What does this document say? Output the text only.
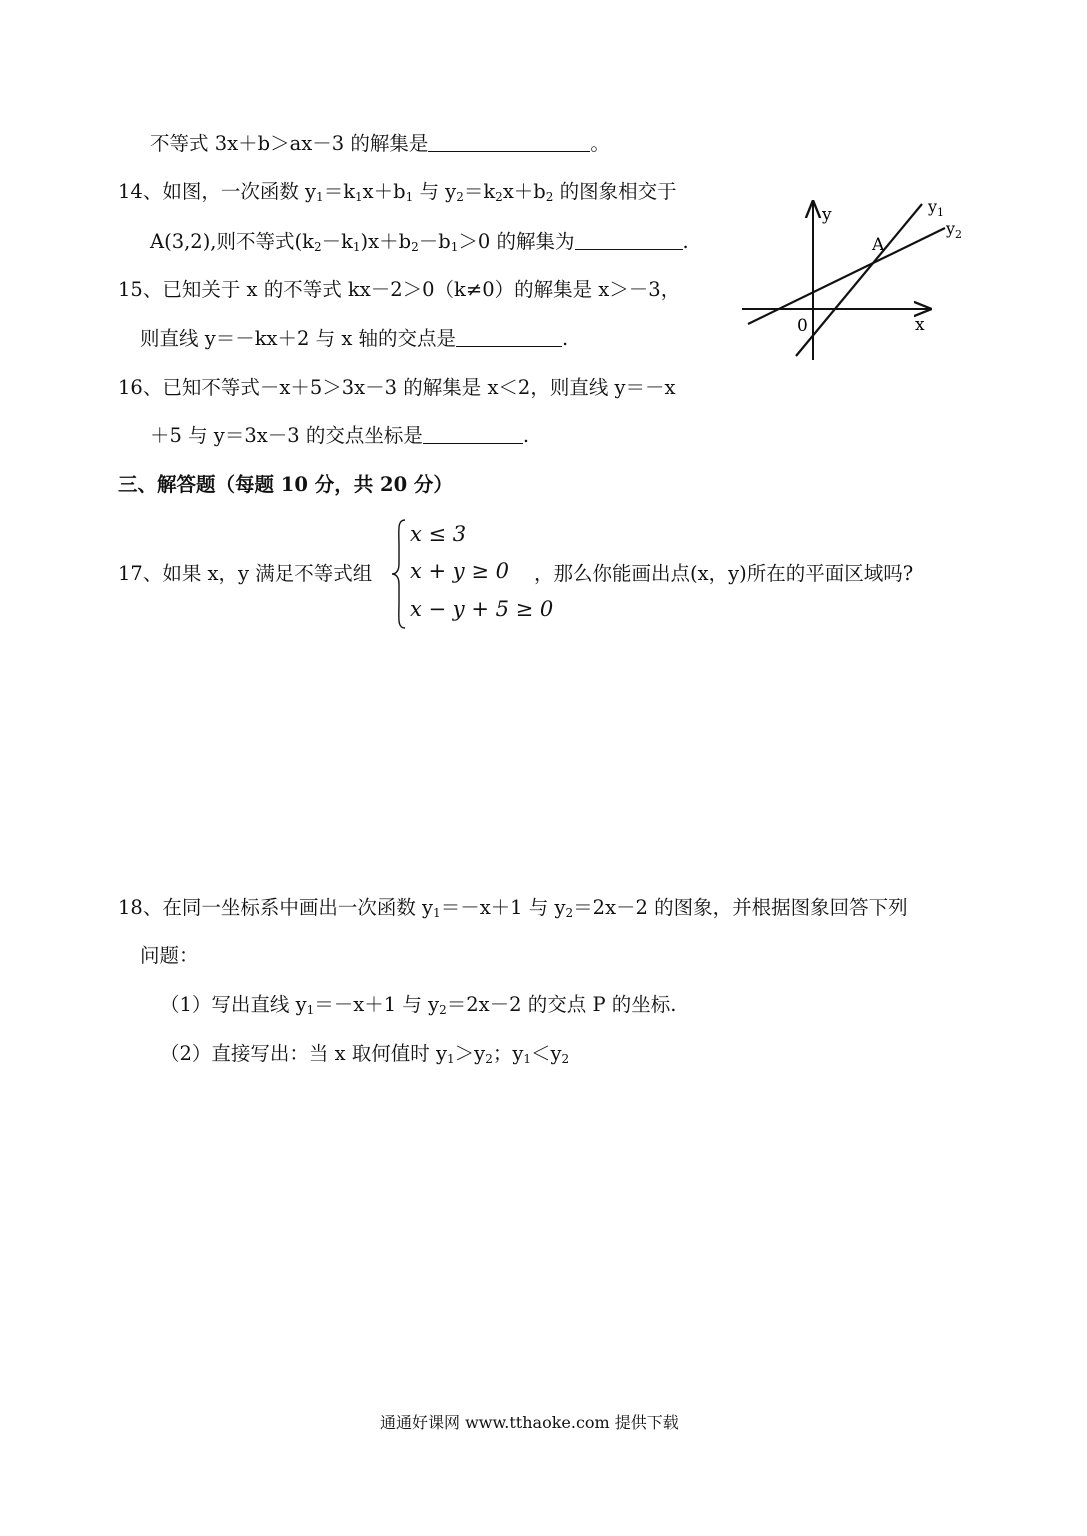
不等式 3x＋b＞ax－3 的解集是	。
14、如图，一次函数 $y_1=k_1x+b_1$ 与 $y_2=k_2x+b_2$ 的图象相交于
A(3,2),则不等式$(k_2-k_1)x+b_2-b_1>0$ 的解集为	.
15、已知关于 x 的不等式 kx－2＞0（k≠0）的解集是 x＞－3，
则直线 y＝－kx＋2 与 x 轴的交点是	.
16、已知不等式－x＋5＞3x－3 的解集是 x＜2，则直线 y＝－x
＋5 与 y＝3x－3 的交点坐标是	.
三、解答题（每题 10 分，共 20 分）
17、如果 x，y 满足不等式组
x ≤ 3
x + y ≥ 0
x − y + 5 ≥ 0
，那么你能画出点(x，y)所在的平面区域吗?
18、在同一坐标系中画出一次函数 $y_1=-x+1$ 与 $y_2=2x-2$ 的图象，并根据图象回答下列
问题：
（1）写出直线 $y_1=-x+1$ 与 $y_2=2x-2$ 的交点 P 的坐标.
（2）直接写出：当 x 取何值时 $y_1>y_2$；$y_1<y_2$
y
x
0
A
$y_1$
$y_2$
通通好课网 www.tthaoke.com 提供下载
